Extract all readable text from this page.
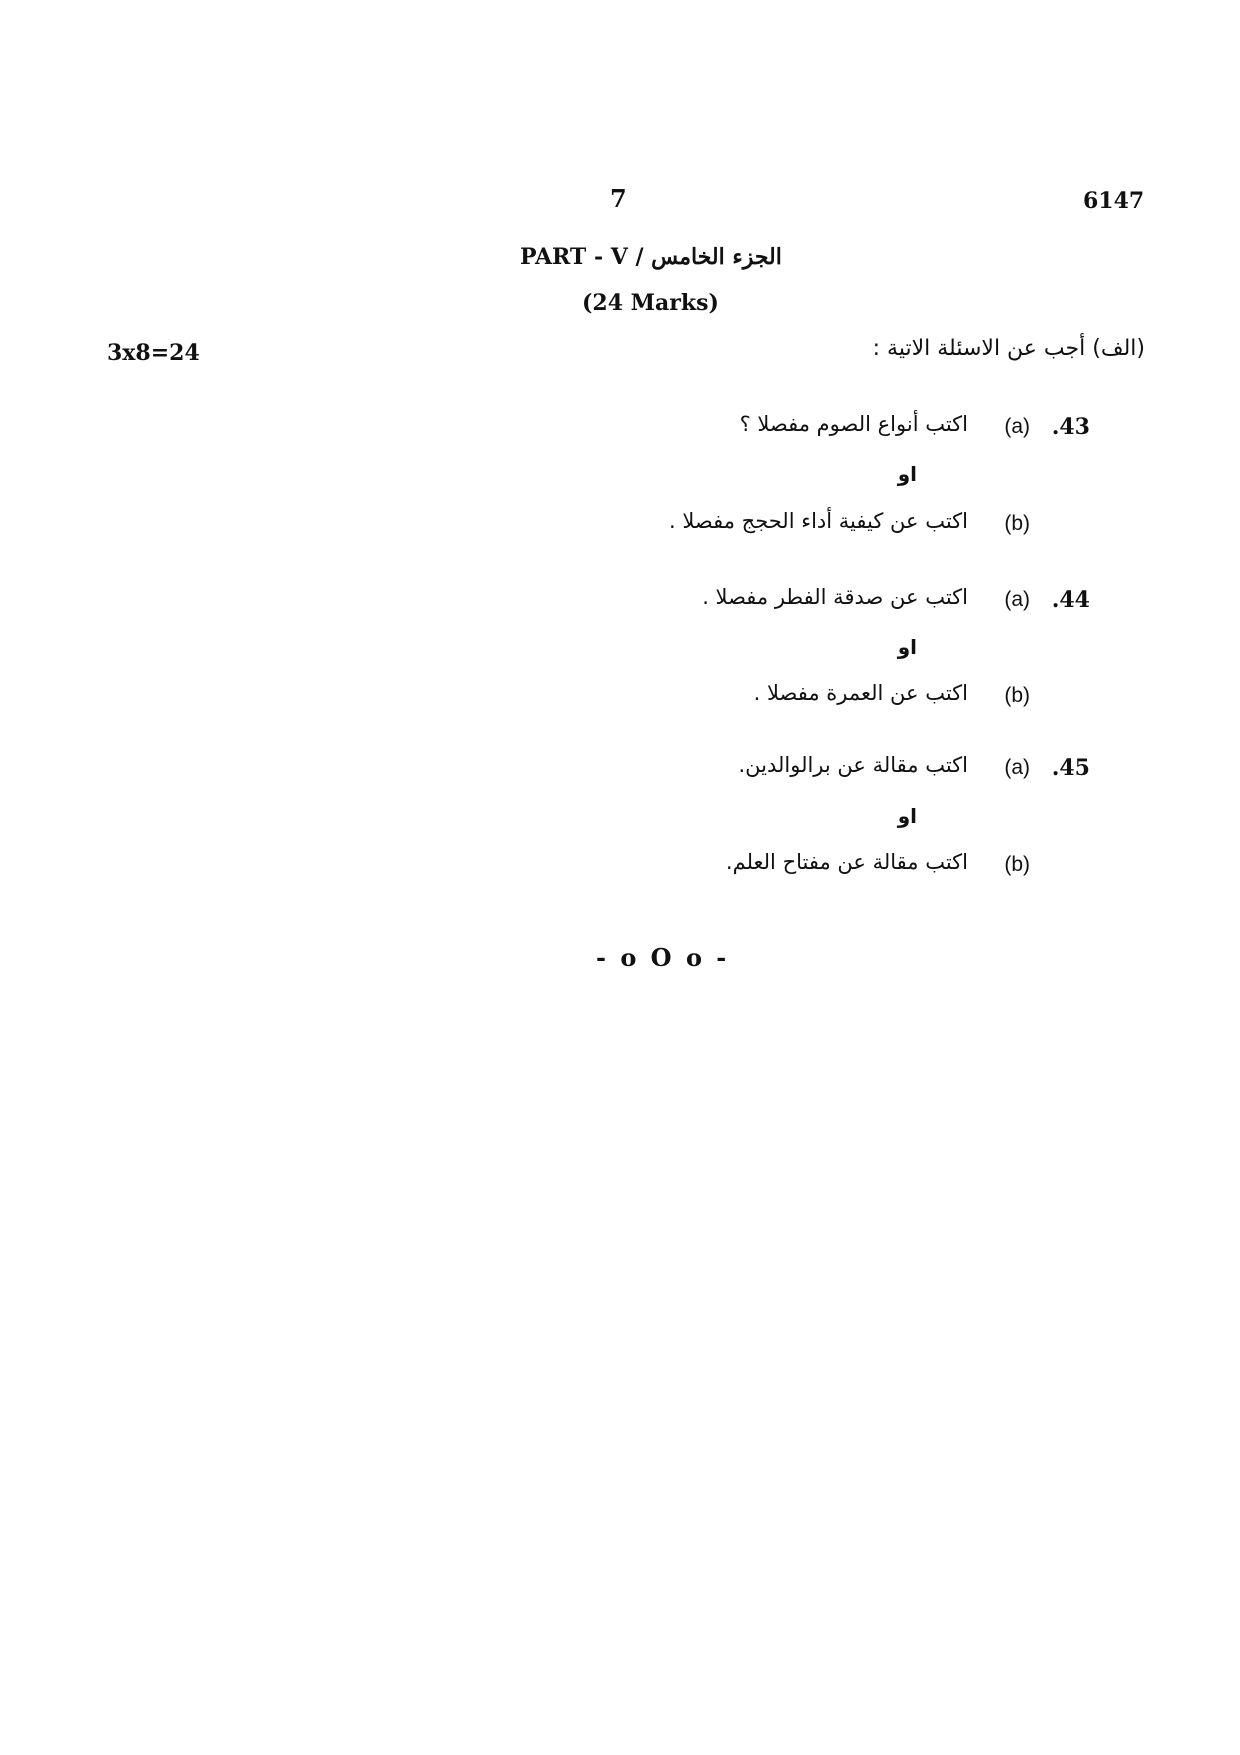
7	6147
PART - V / الجزء الخامس
(24 Marks)
3x8=24	(الف) أجب عن الاسئلة الاتية :
.43
(a)
اكتب أنواع الصوم مفصلا ؟
او
(b)
اكتب عن كيفية أداء الحجج مفصلا .
.44
(a)
اكتب عن صدقة الفطر مفصلا .
او
(b)
اكتب عن العمرة مفصلا .
.45
(a)
اكتب مقالة عن برالوالدين.
او
(b)
اكتب مقالة عن مفتاح العلم.
- o O o -
